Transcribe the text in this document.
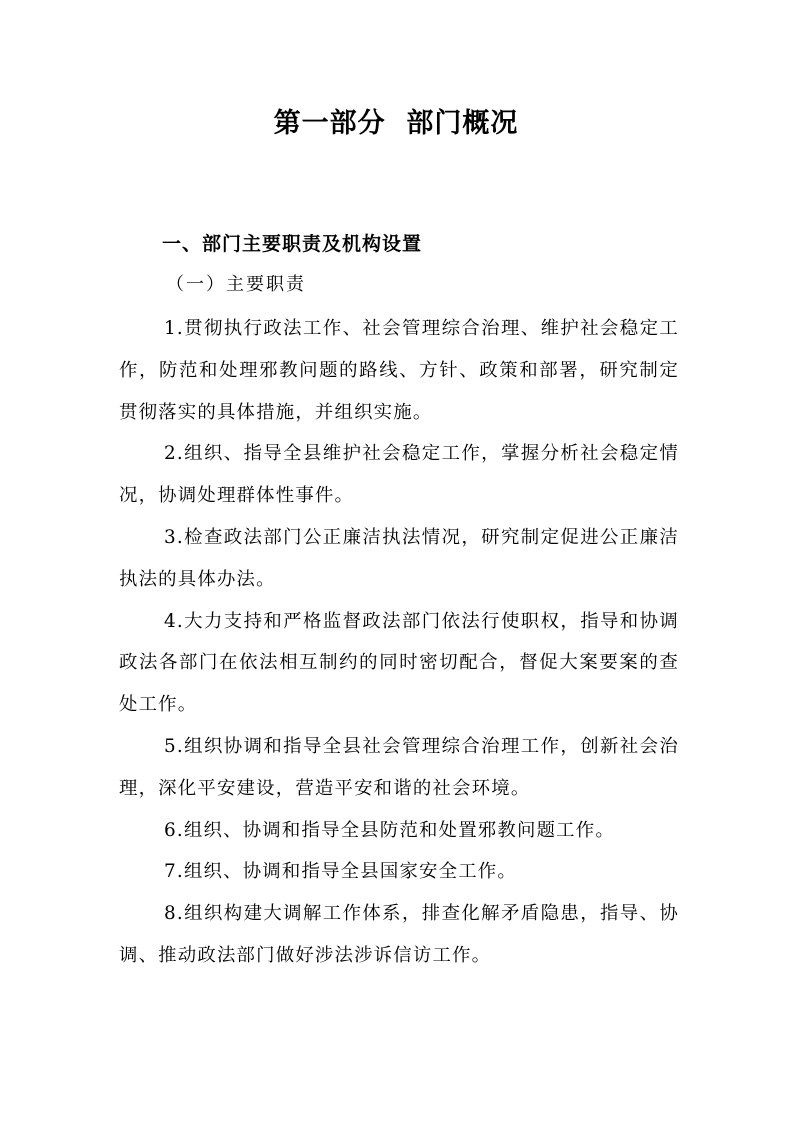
第一部分  部门概况
一、部门主要职责及机构设置
（一）主要职责
1.贯彻执行政法工作、社会管理综合治理、维护社会稳定工作，防范和处理邪教问题的路线、方针、政策和部署，研究制定贯彻落实的具体措施，并组织实施。
2.组织、指导全县维护社会稳定工作，掌握分析社会稳定情况，协调处理群体性事件。
3.检查政法部门公正廉洁执法情况，研究制定促进公正廉洁执法的具体办法。
4.大力支持和严格监督政法部门依法行使职权，指导和协调政法各部门在依法相互制约的同时密切配合，督促大案要案的查处工作。
5.组织协调和指导全县社会管理综合治理工作，创新社会治理，深化平安建设，营造平安和谐的社会环境。
6.组织、协调和指导全县防范和处置邪教问题工作。
7.组织、协调和指导全县国家安全工作。
8.组织构建大调解工作体系，排查化解矛盾隐患，指导、协调、推动政法部门做好涉法涉诉信访工作。
